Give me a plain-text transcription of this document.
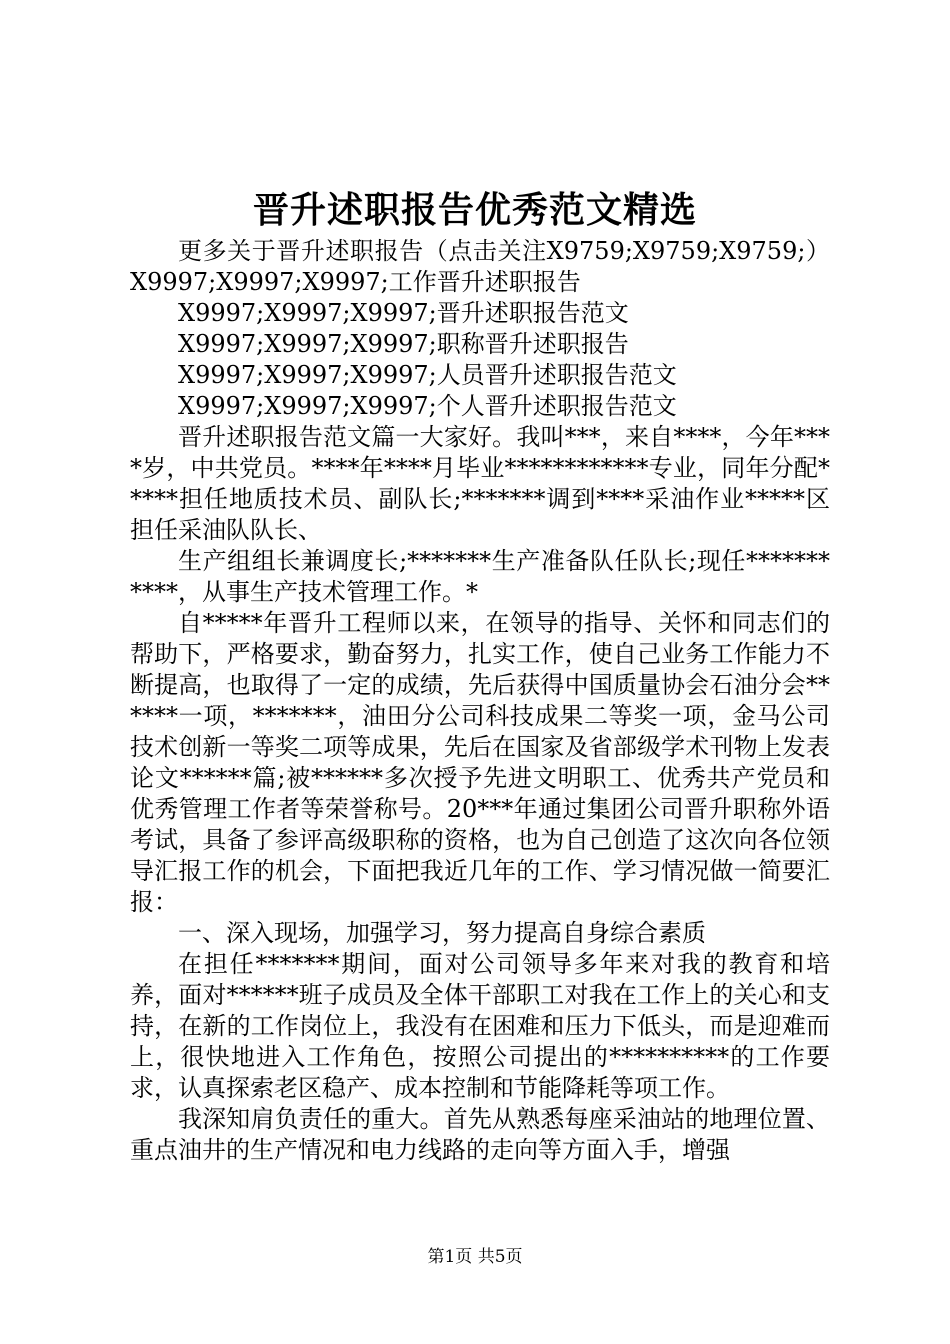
晋升述职报告优秀范文精选

更多关于晋升述职报告（点击关注X9759;X9759;X9759;）X9997;X9997;X9997;工作晋升述职报告

X9997;X9997;X9997;晋升述职报告范文

X9997;X9997;X9997;职称晋升述职报告

X9997;X9997;X9997;人员晋升述职报告范文

X9997;X9997;X9997;个人晋升述职报告范文

晋升述职报告范文篇一大家好。我叫***，来自****，今年****岁，中共党员。****年****月毕业************专业，同年分配*****担任地质技术员、副队长;*******调到****采油作业*****区担任采油队队长、

生产组组长兼调度长;*******生产准备队任队长;现任***********，从事生产技术管理工作。*

自*****年晋升工程师以来，在领导的指导、关怀和同志们的帮助下，严格要求，勤奋努力，扎实工作，使自己业务工作能力不断提高，也取得了一定的成绩，先后获得中国质量协会石油分会******一项，*******，油田分公司科技成果二等奖一项，金马公司技术创新一等奖二项等成果，先后在国家及省部级学术刊物上发表论文******篇;被******多次授予先进文明职工、优秀共产党员和优秀管理工作者等荣誉称号。20***年通过集团公司晋升职称外语考试，具备了参评高级职称的资格，也为自己创造了这次向各位领导汇报工作的机会，下面把我近几年的工作、学习情况做一简要汇报：

一、深入现场，加强学习，努力提高自身综合素质

在担任*******期间，面对公司领导多年来对我的教育和培养，面对******班子成员及全体干部职工对我在工作上的关心和支持，在新的工作岗位上，我没有在困难和压力下低头，而是迎难而上，很快地进入工作角色，按照公司提出的**********的工作要求，认真探索老区稳产、成本控制和节能降耗等项工作。

我深知肩负责任的重大。首先从熟悉每座采油站的地理位置、重点油井的生产情况和电力线路的走向等方面入手，增强

第1页 共5页
